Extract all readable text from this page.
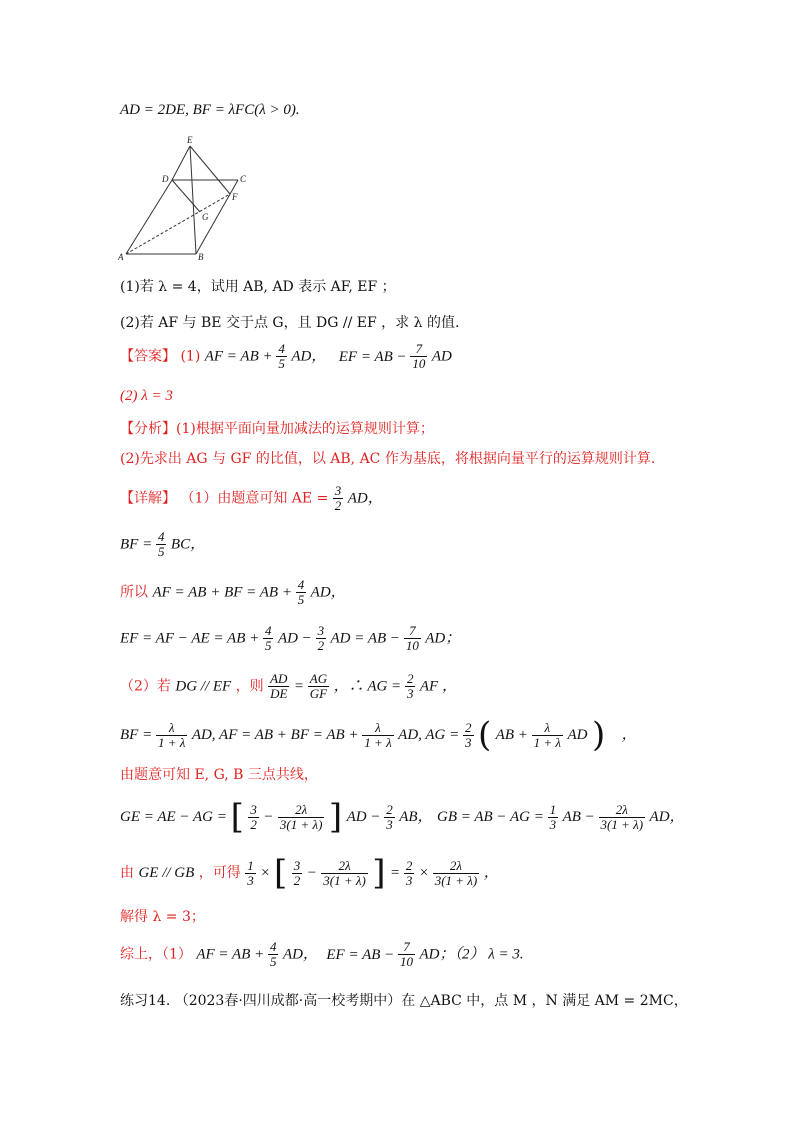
AD = 2DE, BF = λFC(λ > 0).
E
D	C
F
G
A	B
(1)若 λ = 4，试用 AB, AD 表示 AF, EF ；
(2)若 AF 与 BE 交于点 G，且 DG // EF ，求 λ 的值.
【答案】 (1) AF = AB + $\frac{4}{5}$ AD， EF = AB − $\frac{7}{10}$ AD
(2) λ = 3
【分析】(1)根据平面向量加减法的运算规则计算；
(2)先求出 AG 与 GF 的比值，以 AB, AC 作为基底，将根据向量平行的运算规则计算.
【详解】 （1）由题意可知 AE = $\frac{3}{2}$ AD，
BF = $\frac{4}{5}$ BC，
所以 AF = AB + BF = AB + $\frac{4}{5}$ AD，
EF = AF − AE = AB + $\frac{4}{5}$ AD − $\frac{3}{2}$ AD = AB − $\frac{7}{10}$ AD；
（2）若 DG // EF ，则 $\frac{AD}{DE} = \frac{AG}{GF}$ ，∴ AG = $\frac{2}{3}$ AF ，
BF = $\frac{\lambda}{1 + \lambda}$ AD, AF = AB + BF = AB + $\frac{\lambda}{1 + \lambda}$ AD, AG = $\frac{2}{3}$ ( AB + $\frac{\lambda}{1 + \lambda}$ AD ) ，
由题意可知 E, G, B 三点共线，
GE = AE − AG = [ $\frac{3}{2} - \frac{2\lambda}{3(1 + \lambda)}$ ] AD − $\frac{2}{3}$ AB， GB = AB − AG = $\frac{1}{3}$ AB − $\frac{2\lambda}{3(1 + \lambda)}$ AD，
由 GE // GB ，可得 $\frac{1}{3}$ × [ $\frac{3}{2} - \frac{2\lambda}{3(1 + \lambda)}$ ] = $\frac{2}{3} \times \frac{2\lambda}{3(1 + \lambda)}$ ，
解得 λ = 3；
综上，（1） AF = AB + $\frac{4}{5}$ AD， EF = AB − $\frac{7}{10}$ AD；（2） λ = 3.
练习14. （2023春·四川成都·高一校考期中）在 △ABC 中，点 M ，N 满足 AM = 2MC，
